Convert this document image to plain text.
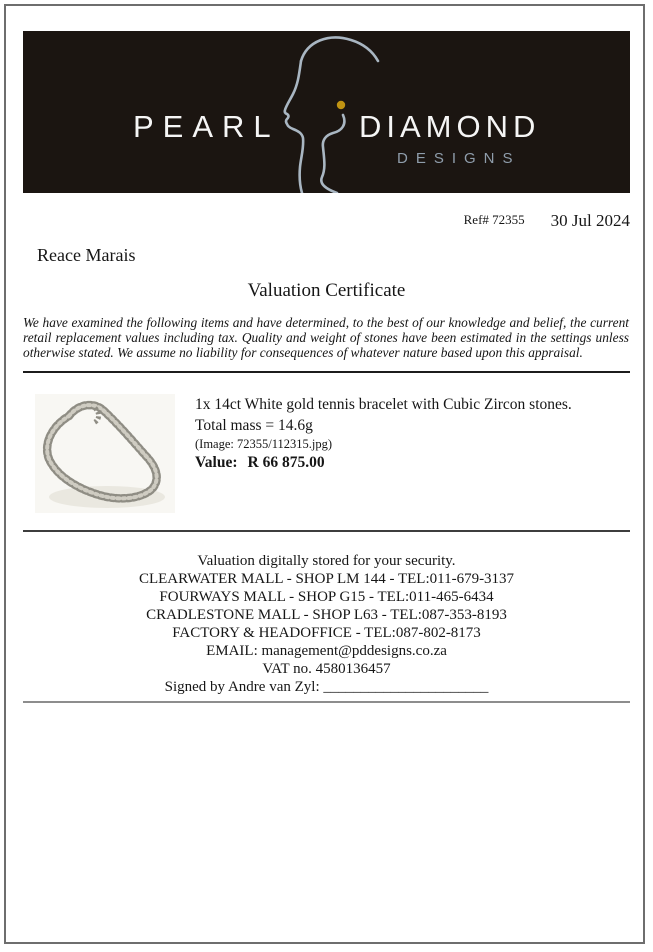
PEARL	DIAMOND
DESIGNS
Ref# 72355 30 Jul 2024
Reace Marais
Valuation Certificate
We have examined the following items and have determined, to the best of our knowledge and belief, the current retail replacement values including tax. Quality and weight of stones have been estimated in the settings unless otherwise stated. We assume no liability for consequences of whatever nature based upon this appraisal.
1x 14ct White gold tennis bracelet with Cubic Zircon stones.
Total mass = 14.6g
(Image: 72355/112315.jpg)
Value: R 66 875.00
Valuation digitally stored for your security.
CLEARWATER MALL - SHOP LM 144 - TEL:011-679-3137
FOURWAYS MALL - SHOP G15 - TEL:011-465-6434
CRADLESTONE MALL - SHOP L63 - TEL:087-353-8193
FACTORY & HEADOFFICE - TEL:087-802-8173
EMAIL: management@pddesigns.co.za
VAT no. 4580136457
Signed by Andre van Zyl: ______________________
